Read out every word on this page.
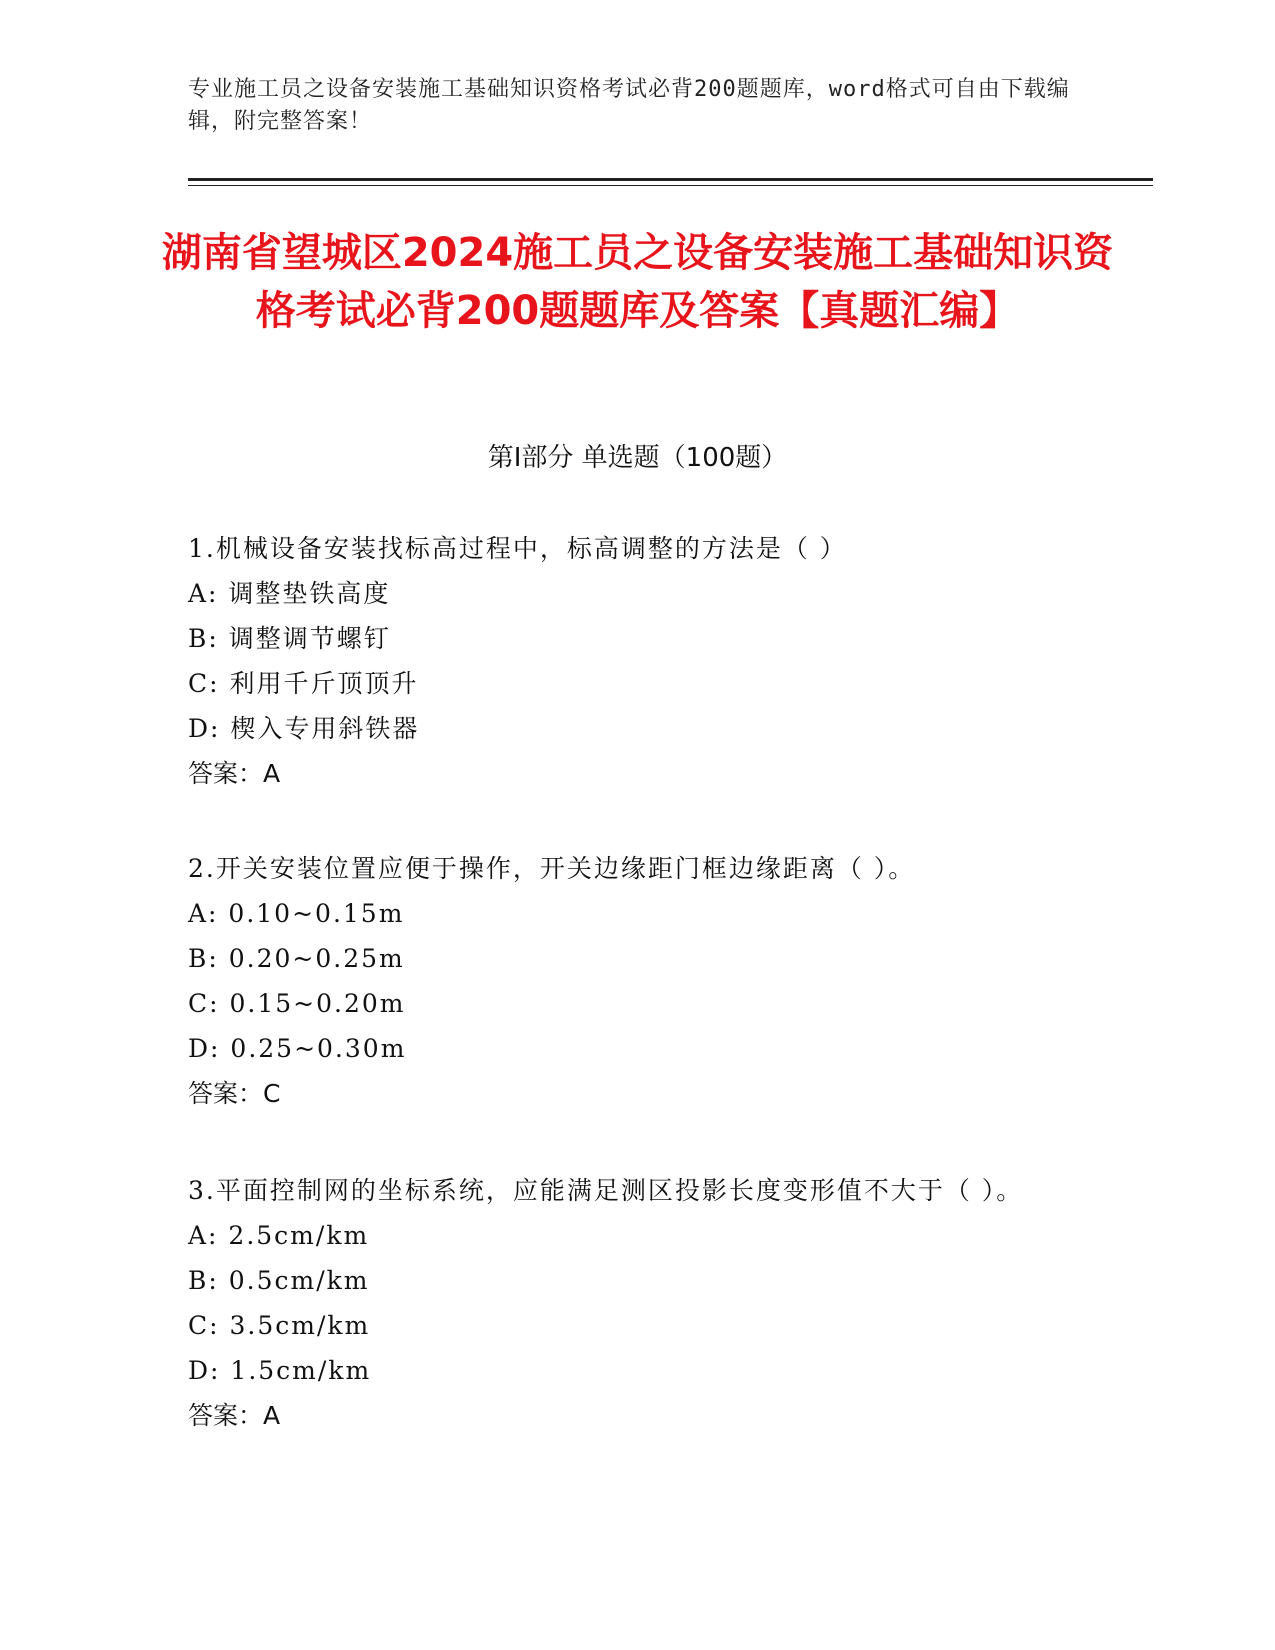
专业施工员之设备安装施工基础知识资格考试必背200题题库，word格式可自由下载编辑，附完整答案！
湖南省望城区2024施工员之设备安装施工基础知识资格考试必背200题题库及答案【真题汇编】
第I部分 单选题（100题）
1.机械设备安装找标高过程中，标高调整的方法是（ ）
A: 调整垫铁高度
B: 调整调节螺钉
C: 利用千斤顶顶升
D: 楔入专用斜铁器
答案：A
2.开关安装位置应便于操作，开关边缘距门框边缘距离（ ）。
A: 0.10~0.15m
B: 0.20~0.25m
C: 0.15~0.20m
D: 0.25~0.30m
答案：C
3.平面控制网的坐标系统，应能满足测区投影长度变形值不大于（ ）。
A: 2.5cm/km
B: 0.5cm/km
C: 3.5cm/km
D: 1.5cm/km
答案：A
